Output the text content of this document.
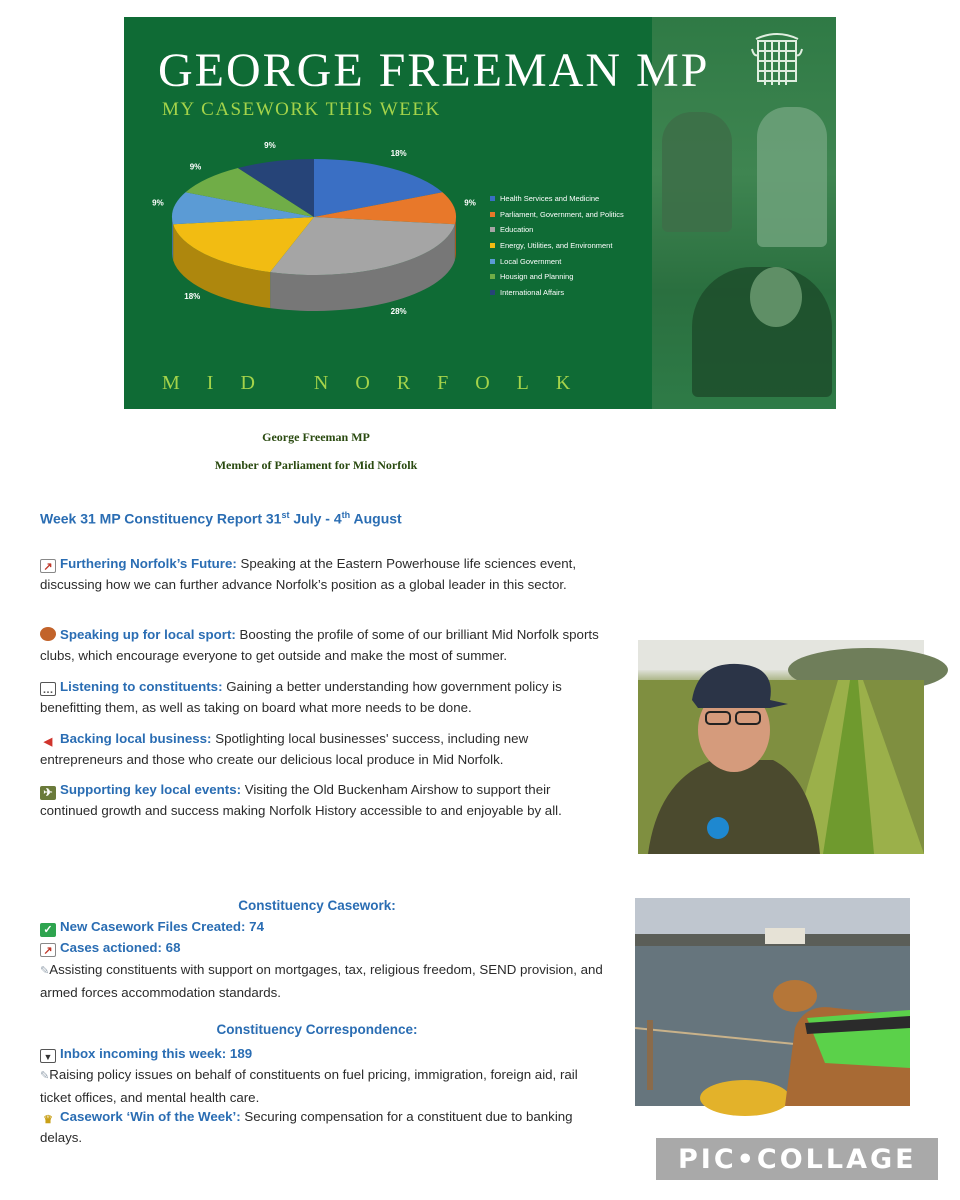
GEORGE FREEMAN MP
MY CASEWORK THIS WEEK
18%
9%
28%
18%
9%
9%
9%
Health Services and Medicine
Parliament, Government, and Politics
Education
Energy, Utilities, and Environment
Local Government
Housign and Planning
International Affairs
MID NORFOLK
George Freeman MP
Member of Parliament for Mid Norfolk
Week 31 MP Constituency Report 31st July - 4th August
↗ Furthering Norfolk’s Future: Speaking at the Eastern Powerhouse life sciences event, discussing how we can further advance Norfolk’s position as a global leader in this sector.
Speaking up for local sport: Boosting the profile of some of our brilliant Mid Norfolk sports clubs, which encourage everyone to get outside and make the most of summer.
… Listening to constituents: Gaining a better understanding how government policy is benefitting them, as well as taking on board what more needs to be done.
◀ Backing local business: Spotlighting local businesses' success, including new entrepreneurs and those who create our delicious local produce in Mid Norfolk.
✈ Supporting key local events: Visiting the Old Buckenham Airshow to support their continued growth and success making Norfolk History accessible to and enjoyable by all.
Constituency Casework:
✓ New Casework Files Created: 74
↗ Cases actioned: 68
✎Assisting constituents with support on mortgages, tax, religious freedom, SEND provision, and armed forces accommodation standards.
Constituency Correspondence:
▼ Inbox incoming this week: 189
✎Raising policy issues on behalf of constituents on fuel pricing, immigration, foreign aid, rail ticket offices, and mental health care.
♛ Casework ‘Win of the Week’: Securing compensation for a constituent due to banking delays.
PIC•COLLAGE
